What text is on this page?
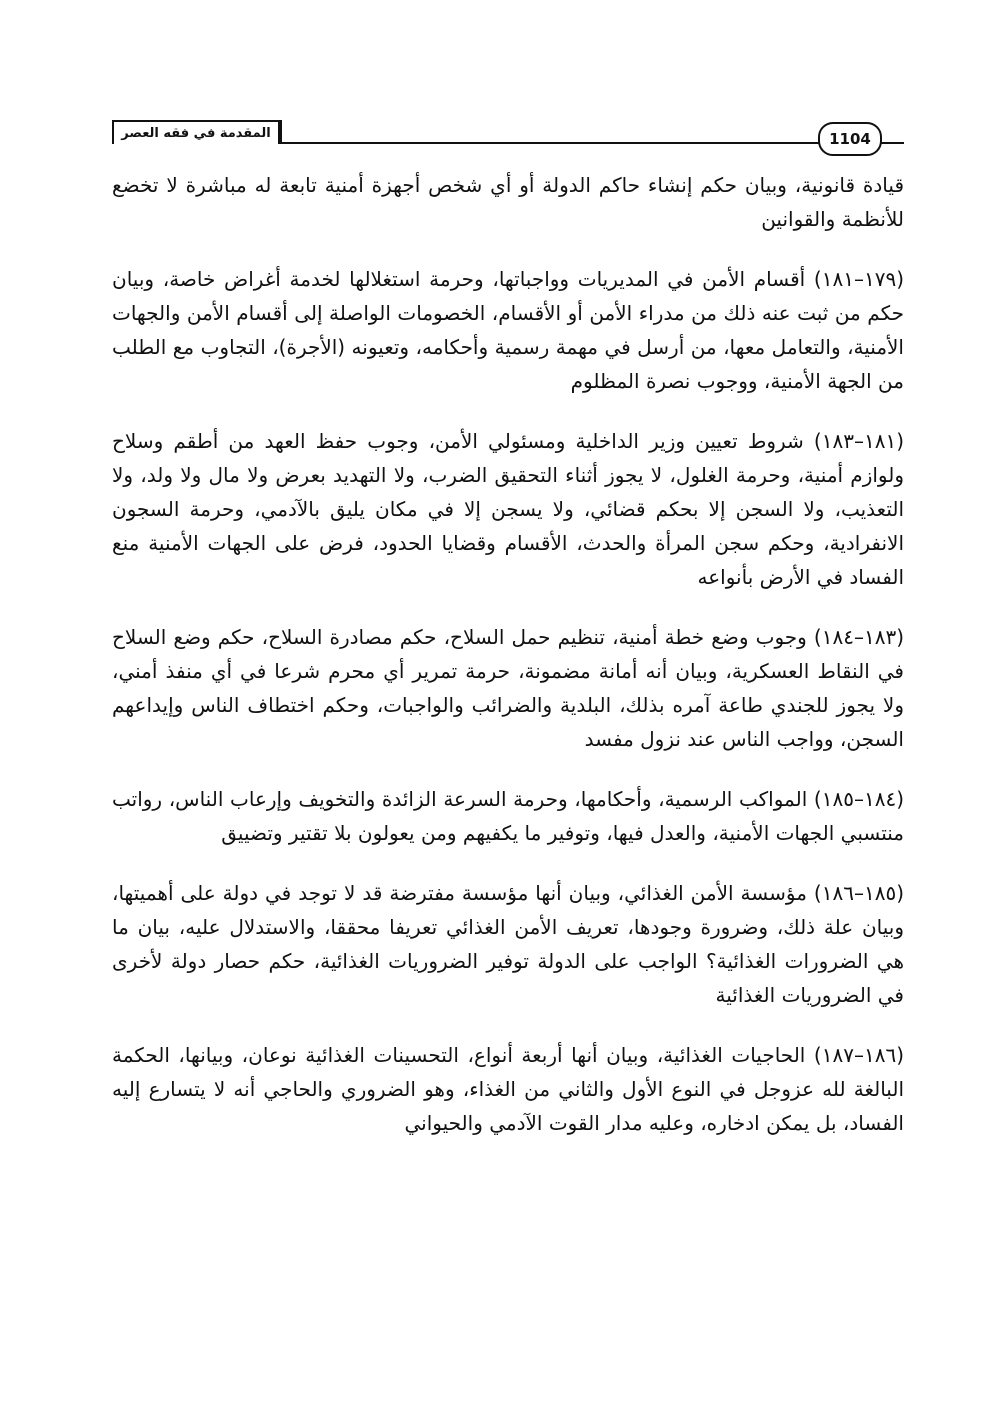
المقدمة في فقه العصر	1104

قيادة قانونية، وبيان حكم إنشاء حاكم الدولة أو أي شخص أجهزة أمنية تابعة له مباشرة لا تخضع للأنظمة والقوانين

(١٧٩–١٨١) أقسام الأمن في المديريات وواجباتها، وحرمة استغلالها لخدمة أغراض خاصة، وبيان حكم من ثبت عنه ذلك من مدراء الأمن أو الأقسام، الخصومات الواصلة إلى أقسام الأمن والجهات الأمنية، والتعامل معها، من أرسل في مهمة رسمية وأحكامه، وتعيونه (الأجرة)، التجاوب مع الطلب من الجهة الأمنية، ووجوب نصرة المظلوم

(١٨١–١٨٣) شروط تعيين وزير الداخلية ومسئولي الأمن، وجوب حفظ العهد من أطقم وسلاح ولوازم أمنية، وحرمة الغلول، لا يجوز أثناء التحقيق الضرب، ولا التهديد بعرض ولا مال ولا ولد، ولا التعذيب، ولا السجن إلا بحكم قضائي، ولا يسجن إلا في مكان يليق بالآدمي، وحرمة السجون الانفرادية، وحكم سجن المرأة والحدث، الأقسام وقضايا الحدود، فرض على الجهات الأمنية منع الفساد في الأرض بأنواعه

(١٨٣–١٨٤) وجوب وضع خطة أمنية، تنظيم حمل السلاح، حكم مصادرة السلاح، حكم وضع السلاح في النقاط العسكرية، وبيان أنه أمانة مضمونة، حرمة تمرير أي محرم شرعا في أي منفذ أمني، ولا يجوز للجندي طاعة آمره بذلك، البلدية والضرائب والواجبات، وحكم اختطاف الناس وإيداعهم السجن، وواجب الناس عند نزول مفسد

(١٨٤–١٨٥) المواكب الرسمية، وأحكامها، وحرمة السرعة الزائدة والتخويف وإرعاب الناس، رواتب منتسبي الجهات الأمنية، والعدل فيها، وتوفير ما يكفيهم ومن يعولون بلا تقتير وتضييق

(١٨٥–١٨٦) مؤسسة الأمن الغذائي، وبيان أنها مؤسسة مفترضة قد لا توجد في دولة على أهميتها، وبيان علة ذلك، وضرورة وجودها، تعريف الأمن الغذائي تعريفا محققا، والاستدلال عليه، بيان ما هي الضرورات الغذائية؟ الواجب على الدولة توفير الضروريات الغذائية، حكم حصار دولة لأخرى في الضروريات الغذائية

(١٨٦–١٨٧) الحاجيات الغذائية، وبيان أنها أربعة أنواع، التحسينات الغذائية نوعان، وبيانها، الحكمة البالغة لله عزوجل في النوع الأول والثاني من الغذاء، وهو الضروري والحاجي أنه لا يتسارع إليه الفساد، بل يمكن ادخاره، وعليه مدار القوت الآدمي والحيواني
